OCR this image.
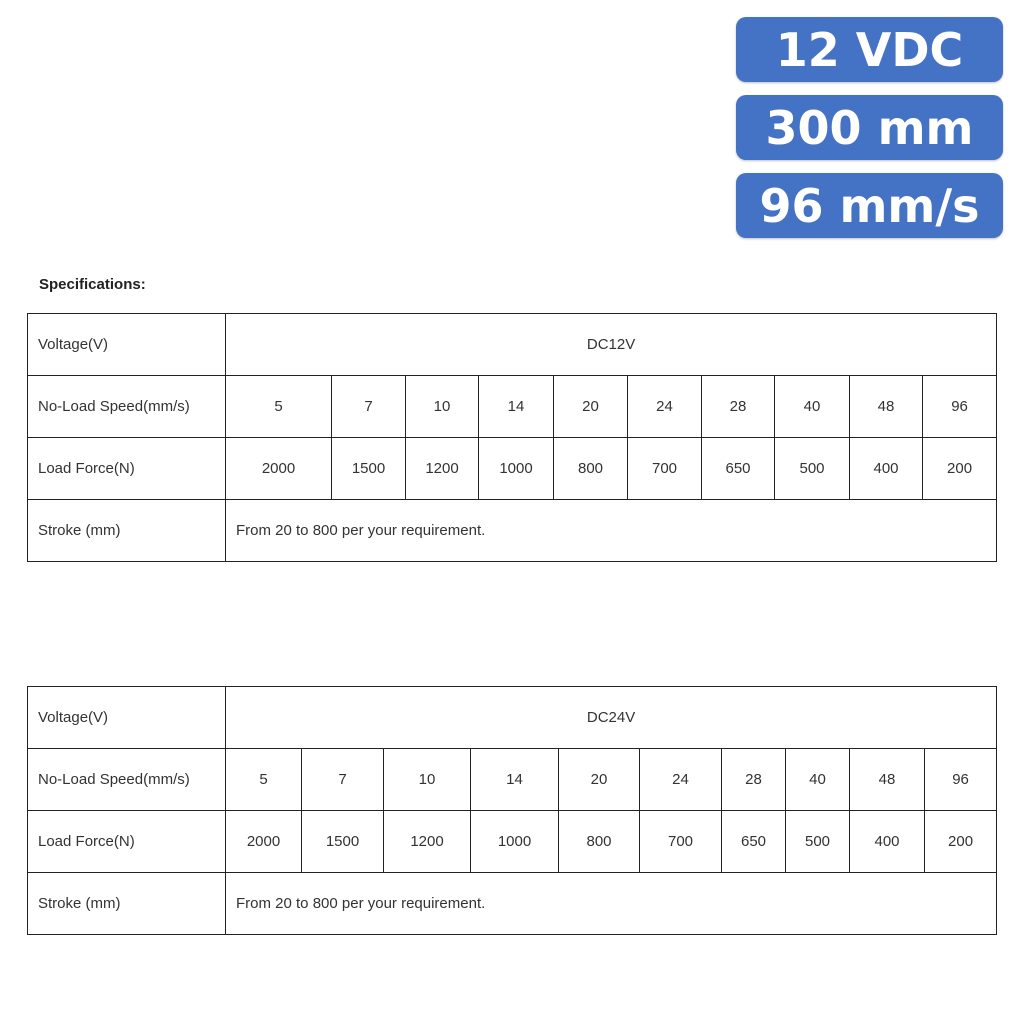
12 VDC
300 mm
96 mm/s
Specifications:
Voltage(V)	DC12V									
No-Load Speed(mm/s)	5	7	10	14	20	24	28	40	48	96
Load Force(N)	2000	1500	1200	1000	800	700	650	500	400	200
Stroke (mm)	From 20 to 800 per your requirement.									
Voltage(V)	DC24V									
No-Load Speed(mm/s)	5	7	10	14	20	24	28	40	48	96
Load Force(N)	2000	1500	1200	1000	800	700	650	500	400	200
Stroke (mm)	From 20 to 800 per your requirement.									
